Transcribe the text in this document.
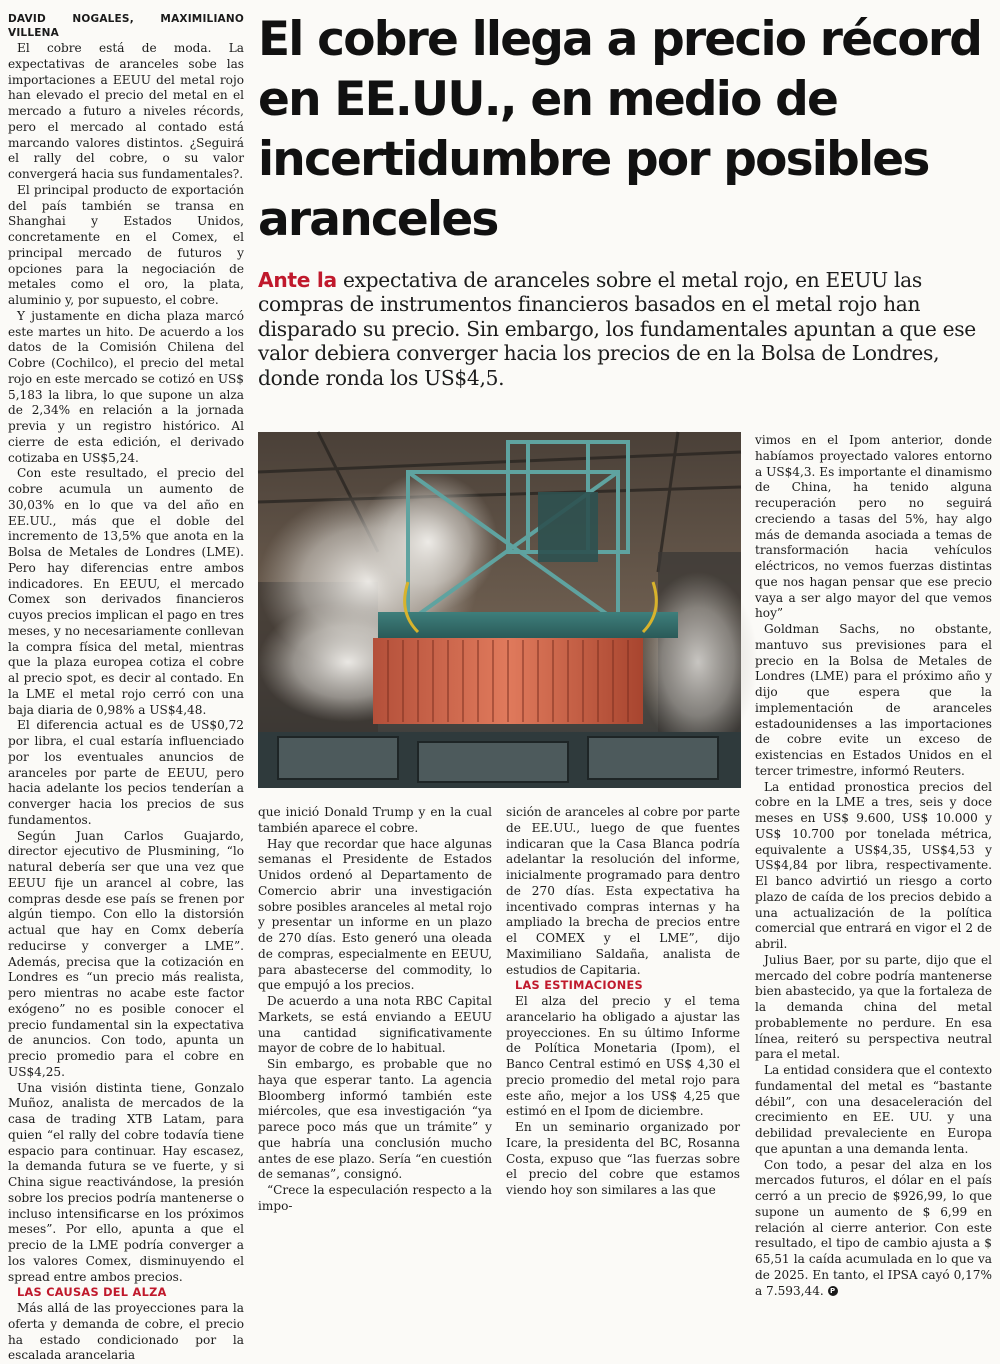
DAVID NOGALES, MAXIMILIANO VILLENA

El cobre está de moda. La expectativas de aranceles sobe las importaciones a EEUU del metal rojo han elevado el precio del metal en el mercado a futuro a niveles récords, pero el mercado al contado está marcando valores distintos. ¿Seguirá el rally del cobre, o su valor convergerá hacia sus fundamentales?.

El principal producto de exportación del país también se transa en Shanghai y Estados Unidos, concretamente en el Comex, el principal mercado de futuros y opciones para la negociación de metales como el oro, la plata, aluminio y, por supuesto, el cobre.

Y justamente en dicha plaza marcó este martes un hito. De acuerdo a los datos de la Comisión Chilena del Cobre (Cochilco), el precio del metal rojo en este mercado se cotizó en US$ 5,183 la libra, lo que supone un alza de 2,34% en relación a la jornada previa y un registro histórico. Al cierre de esta edición, el derivado cotizaba en US$5,24.

Con este resultado, el precio del cobre acumula un aumento de 30,03% en lo que va del año en EE.UU., más que el doble del incremento de 13,5% que anota en la Bolsa de Metales de Londres (LME). Pero hay diferencias entre ambos indicadores. En EEUU, el mercado Comex son derivados financieros cuyos precios implican el pago en tres meses, y no necesariamente conllevan la compra física del metal, mientras que la plaza europea cotiza el cobre al precio spot, es decir al contado. En la LME el metal rojo cerró con una baja diaria de 0,98% a US$4,48.

El diferencia actual es de US$0,72 por libra, el cual estaría influenciado por los eventuales anuncios de aranceles por parte de EEUU, pero hacia adelante los pecios tenderían a converger hacia los precios de sus fundamentos.

Según Juan Carlos Guajardo, director ejecutivo de Plusmining, “lo natural debería ser que una vez que EEUU fije un arancel al cobre, las compras desde ese país se frenen por algún tiempo. Con ello la distorsión actual que hay en Comx debería reducirse y converger a LME”. Además, precisa que la cotización en Londres es “un precio más realista, pero mientras no acabe este factor exógeno” no es posible conocer el precio fundamental sin la expectativa de anuncios. Con todo, apunta un precio promedio para el cobre en US$4,25.

Una visión distinta tiene, Gonzalo Muñoz, analista de mercados de la casa de trading XTB Latam, para quien “el rally del cobre todavía tiene espacio para continuar. Hay escasez, la demanda futura se ve fuerte, y si China sigue reactivándose, la presión sobre los precios podría mantenerse o incluso intensificarse en los próximos meses”. Por ello, apunta a que el precio de la LME podría converger a los valores Comex, disminuyendo el spread entre ambos precios.

LAS CAUSAS DEL ALZA

Más allá de las proyecciones para la oferta y demanda de cobre, el precio ha estado condicionado por la escalada arancelaria

El cobre llega a precio récord en EE.UU., en medio de incertidumbre por posibles aranceles

Ante la expectativa de aranceles sobre el metal rojo, en EEUU las compras de instrumentos financieros basados en el metal rojo han disparado su precio. Sin embargo, los fundamentales apuntan a que ese valor debiera converger hacia los precios de en la Bolsa de Londres, donde ronda los US$4,5.

que inició Donald Trump y en la cual también aparece el cobre.

Hay que recordar que hace algunas semanas el Presidente de Estados Unidos ordenó al Departamento de Comercio abrir una investigación sobre posibles aranceles al metal rojo y presentar un informe en un plazo de 270 días. Esto generó una oleada de compras, especialmente en EEUU, para abastecerse del commodity, lo que empujó a los precios.

De acuerdo a una nota RBC Capital Markets, se está enviando a EEUU una cantidad significativamente mayor de cobre de lo habitual.

Sin embargo, es probable que no haya que esperar tanto. La agencia Bloomberg informó también este miércoles, que esa investigación “ya parece poco más que un trámite” y que habría una conclusión mucho antes de ese plazo. Sería “en cuestión de semanas”, consignó.

“Crece la especulación respecto a la impo-

sición de aranceles al cobre por parte de EE.UU., luego de que fuentes indicaran que la Casa Blanca podría adelantar la resolución del informe, inicialmente programado para dentro de 270 días. Esta expectativa ha incentivado compras internas y ha ampliado la brecha de precios entre el COMEX y el LME”, dijo Maximiliano Saldaña, analista de estudios de Capitaria.

LAS ESTIMACIONES

El alza del precio y el tema arancelario ha obligado a ajustar las proyecciones. En su último Informe de Política Monetaria (Ipom), el Banco Central estimó en US$ 4,30 el precio promedio del metal rojo para este año, mejor a los US$ 4,25 que estimó en el Ipom de diciembre.

En un seminario organizado por Icare, la presidenta del BC, Rosanna Costa, expuso que “las fuerzas sobre el precio del cobre que estamos viendo hoy son similares a las que

vimos en el Ipom anterior, donde habíamos proyectado valores entorno a US$4,3. Es importante el dinamismo de China, ha tenido alguna recuperación pero no seguirá creciendo a tasas del 5%, hay algo más de demanda asociada a temas de transformación hacia vehículos eléctricos, no vemos fuerzas distintas que nos hagan pensar que ese precio vaya a ser algo mayor del que vemos hoy”

Goldman Sachs, no obstante, mantuvo sus previsiones para el precio en la Bolsa de Metales de Londres (LME) para el próximo año y dijo que espera que la implementación de aranceles estadounidenses a las importaciones de cobre evite un exceso de existencias en Estados Unidos en el tercer trimestre, informó Reuters.

La entidad pronostica precios del cobre en la LME a tres, seis y doce meses en US$ 9.600, US$ 10.000 y US$ 10.700 por tonelada métrica, equivalente a US$4,35, US$4,53 y US$4,84 por libra, respectivamente. El banco advirtió un riesgo a corto plazo de caída de los precios debido a una actualización de la política comercial que entrará en vigor el 2 de abril.

Julius Baer, por su parte, dijo que el mercado del cobre podría mantenerse bien abastecido, ya que la fortaleza de la demanda china del metal probablemente no perdure. En esa línea, reiteró su perspectiva neutral para el metal.

La entidad considera que el contexto fundamental del metal es “bastante débil”, con una desaceleración del crecimiento en EE. UU. y una debilidad prevaleciente en Europa que apuntan a una demanda lenta.

Con todo, a pesar del alza en los mercados futuros, el dólar en el país cerró a un precio de $926,99, lo que supone un aumento de $ 6,99 en relación al cierre anterior. Con este resultado, el tipo de cambio ajusta a $ 65,51 la caída acumulada en lo que va de 2025. En tanto, el IPSA cayó 0,17% a 7.593,44. P
